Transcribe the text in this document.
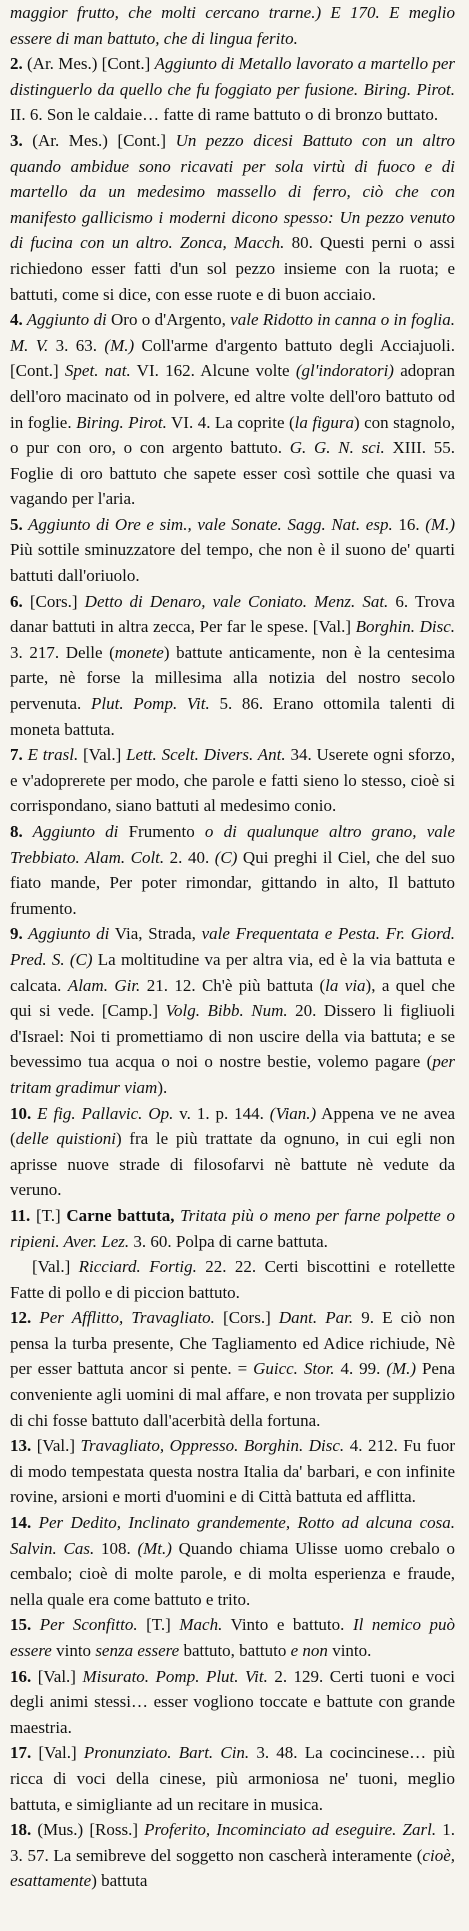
maggior frutto, che molti cercano trarne.) E 170. E meglio essere di man battuto, che di lingua ferito.

2. (Ar. Mes.) [Cont.] Aggiunto di Metallo lavorato a martello per distinguerlo da quello che fu foggiato per fusione. Biring. Pirot. II. 6. Son le caldaie… fatte di rame battuto o di bronzo buttato.

3. (Ar. Mes.) [Cont.] Un pezzo dicesi Battuto con un altro quando ambidue sono ricavati per sola virtù di fuoco e di martello da un medesimo massello di ferro, ciò che con manifesto gallicismo i moderni dicono spesso: Un pezzo venuto di fucina con un altro. Zonca, Macch. 80. Questi perni o assi richiedono esser fatti d'un sol pezzo insieme con la ruota; e battuti, come si dice, con esse ruote e di buon acciaio.

4. Aggiunto di Oro o d'Argento, vale Ridotto in canna o in foglia. M. V. 3. 63. (M.) Coll'arme d'argento battuto degli Acciajuoli. [Cont.] Spet. nat. VI. 162. Alcune volte (gl'indoratori) adopran dell'oro macinato od in polvere, ed altre volte dell'oro battuto od in foglie. Biring. Pirot. VI. 4. La coprite (la figura) con stagnolo, o pur con oro, o con argento battuto. G. G. N. sci. XIII. 55. Foglie di oro battuto che sapete esser così sottile che quasi va vagando per l'aria.

5. Aggiunto di Ore e sim., vale Sonate. Sagg. Nat. esp. 16. (M.) Più sottile sminuzzatore del tempo, che non è il suono de' quarti battuti dall'oriuolo.

6. [Cors.] Detto di Denaro, vale Coniato. Menz. Sat. 6. Trova danar battuti in altra zecca, Per far le spese. [Val.] Borghin. Disc. 3. 217. Delle (monete) battute anticamente, non è la centesima parte, nè forse la millesima alla notizia del nostro secolo pervenuta. Plut. Pomp. Vit. 5. 86. Erano ottomila talenti di moneta battuta.

7. E trasl. [Val.] Lett. Scelt. Divers. Ant. 34. Userete ogni sforzo, e v'adoprerete per modo, che parole e fatti sieno lo stesso, cioè si corrispondano, siano battuti al medesimo conio.

8. Aggiunto di Frumento o di qualunque altro grano, vale Trebbiato. Alam. Colt. 2. 40. (C) Qui preghi il Ciel, che del suo fiato mande, Per poter rimondar, gittando in alto, Il battuto frumento.

9. Aggiunto di Via, Strada, vale Frequentata e Pesta. Fr. Giord. Pred. S. (C) La moltitudine va per altra via, ed è la via battuta e calcata. Alam. Gir. 21. 12. Ch'è più battuta (la via), a quel che qui si vede. [Camp.] Volg. Bibb. Num. 20. Dissero li figliuoli d'Israel: Noi ti promettiamo di non uscire della via battuta; e se bevessimo tua acqua o noi o nostre bestie, volemo pagare (per tritam gradimur viam).

10. E fig. Pallavic. Op. v. 1. p. 144. (Vian.) Appena ve ne avea (delle quistioni) fra le più trattate da ognuno, in cui egli non aprisse nuove strade di filosofarvi nè battute nè vedute da veruno.

11. [T.] Carne battuta, Tritata più o meno per farne polpette o ripieni. Aver. Lez. 3. 60. Polpa di carne battuta.

[Val.] Ricciard. Fortig. 22. 22. Certi biscottini e rotellette Fatte di pollo e di piccion battuto.

12. Per Afflitto, Travagliato. [Cors.] Dant. Par. 9. E ciò non pensa la turba presente, Che Tagliamento ed Adice richiude, Nè per esser battuta ancor si pente. = Guicc. Stor. 4. 99. (M.) Pena conveniente agli uomini di mal affare, e non trovata per supplizio di chi fosse battuto dall'acerbità della fortuna.

13. [Val.] Travagliato, Oppresso. Borghin. Disc. 4. 212. Fu fuor di modo tempestata questa nostra Italia da' barbari, e con infinite rovine, arsioni e morti d'uomini e di Città battuta ed afflitta.

14. Per Dedito, Inclinato grandemente, Rotto ad alcuna cosa. Salvin. Cas. 108. (Mt.) Quando chiama Ulisse uomo crebalo o cembalo; cioè di molte parole, e di molta esperienza e fraude, nella quale era come battuto e trito.

15. Per Sconfitto. [T.] Mach. Vinto e battuto. Il nemico può essere vinto senza essere battuto, battuto e non vinto.

16. [Val.] Misurato. Pomp. Plut. Vit. 2. 129. Certi tuoni e voci degli animi stessi… esser vogliono toccate e battute con grande maestria.

17. [Val.] Pronunziato. Bart. Cin. 3. 48. La cocincinese… più ricca di voci della cinese, più armoniosa ne' tuoni, meglio battuta, e simigliante ad un recitare in musica.

18. (Mus.) [Ross.] Proferito, Incominciato ad eseguire. Zarl. 1. 3. 57. La semibreve del soggetto non cascherà interamente (cioè, esattamente) battuta
